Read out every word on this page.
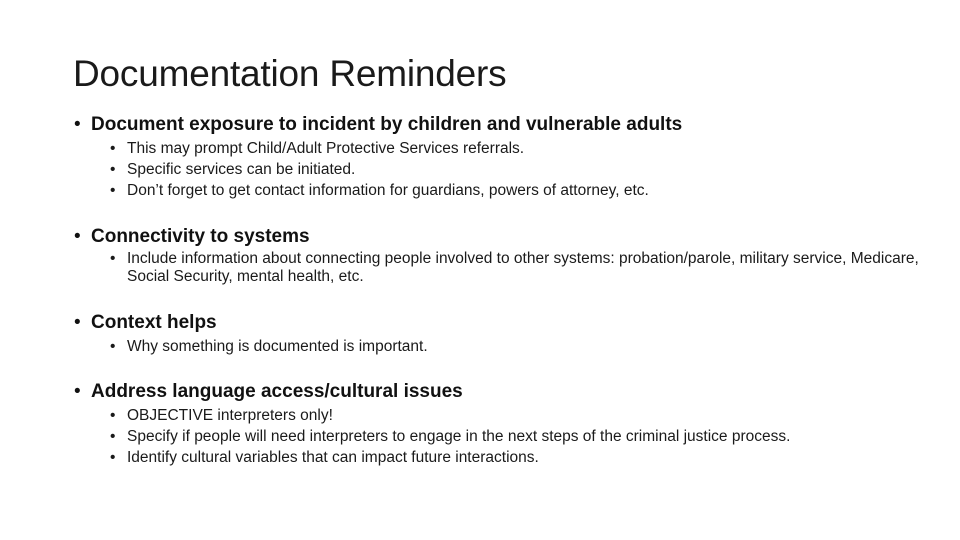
Documentation Reminders
• Document exposure to incident by children and vulnerable adults
• This may prompt Child/Adult Protective Services referrals.
• Specific services can be initiated.
• Don’t forget to get contact information for guardians, powers of attorney, etc.
• Connectivity to systems
• Include information about connecting people involved to other systems: probation/parole, military service, Medicare, Social Security, mental health, etc.
• Context helps
• Why something is documented is important.
• Address language access/cultural issues
• OBJECTIVE interpreters only!
• Specify if people will need interpreters to engage in the next steps of the criminal justice process.
• Identify cultural variables that can impact future interactions.
